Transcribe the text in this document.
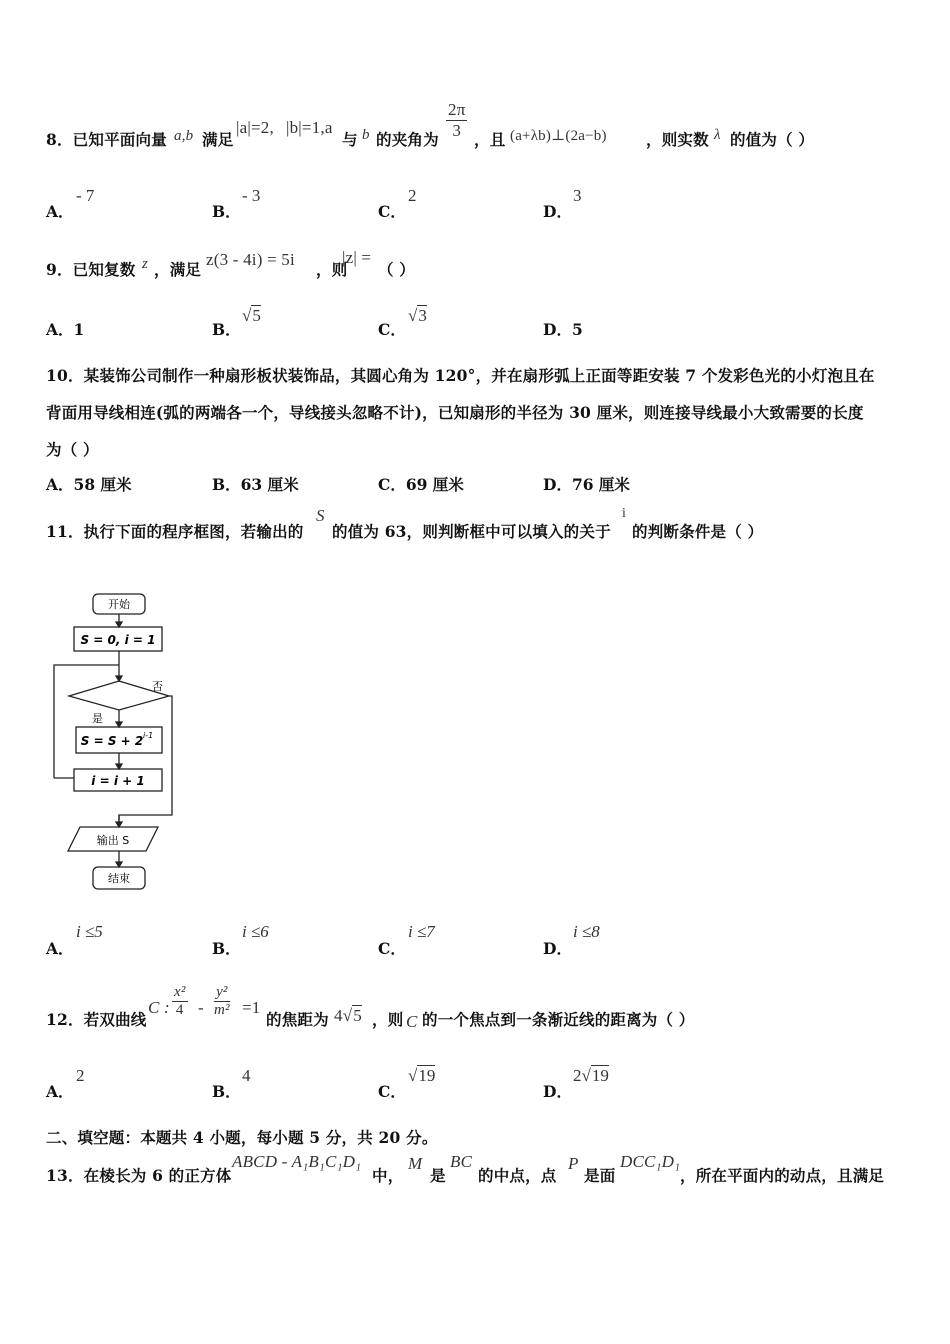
8．已知平面向量 a,b 满足
|a|=2, |b|=1,a
与 b 的夹角为 $\frac{2\pi}{3}$ ，且 (a+λb)⊥(2a−b)	，则实数 λ 的值为（ ）
A．
- 7
B．
- 3
C．
2
D．
3
9．已知复数 z ，满足
z(3 - 4i) = 5i
，则
|z| =
（ ）
A．1	B．
√5
C．
√3
D．5
10．某装饰公司制作一种扇形板状装饰品，其圆心角为 120°，并在扇形弧上正面等距安装 7 个发彩色光的小灯泡且在
背面用导线相连(弧的两端各一个，导线接头忽略不计)，已知扇形的半径为 30 厘米，则连接导线最小大致需要的长度
为（ ）
A．58 厘米	B．63 厘米	C．69 厘米	D．76 厘米
11．执行下面的程序框图，若输出的
S
的值为 63，则判断框中可以填入的关于
i
的判断条件是（ ）
开始
S = 0, i = 1
否
是
S = S + 2 i-1
i = i + 1
输出 S
结束
A．
i ≤5
B．
i ≤6
C．
i ≤7
D．
i ≤8
12．若双曲线
C : $\frac{\text{x²}}{4} - \frac{\text{y²}}{\text{m²}} =1$
的焦距为 4√5 ，则 C 的一个焦点到一条渐近线的距离为（ ）
A．
2
B．
4
C．
√19
D．
2√19
二、填空题：本题共 4 小题，每小题 5 分，共 20 分。
13．在棱长为 6 的正方体
ABCD - A₁B₁C₁D₁
中，
M
是
BC
的中点，点
P
是面
DCC₁D₁
，所在平面内的动点，且满足
